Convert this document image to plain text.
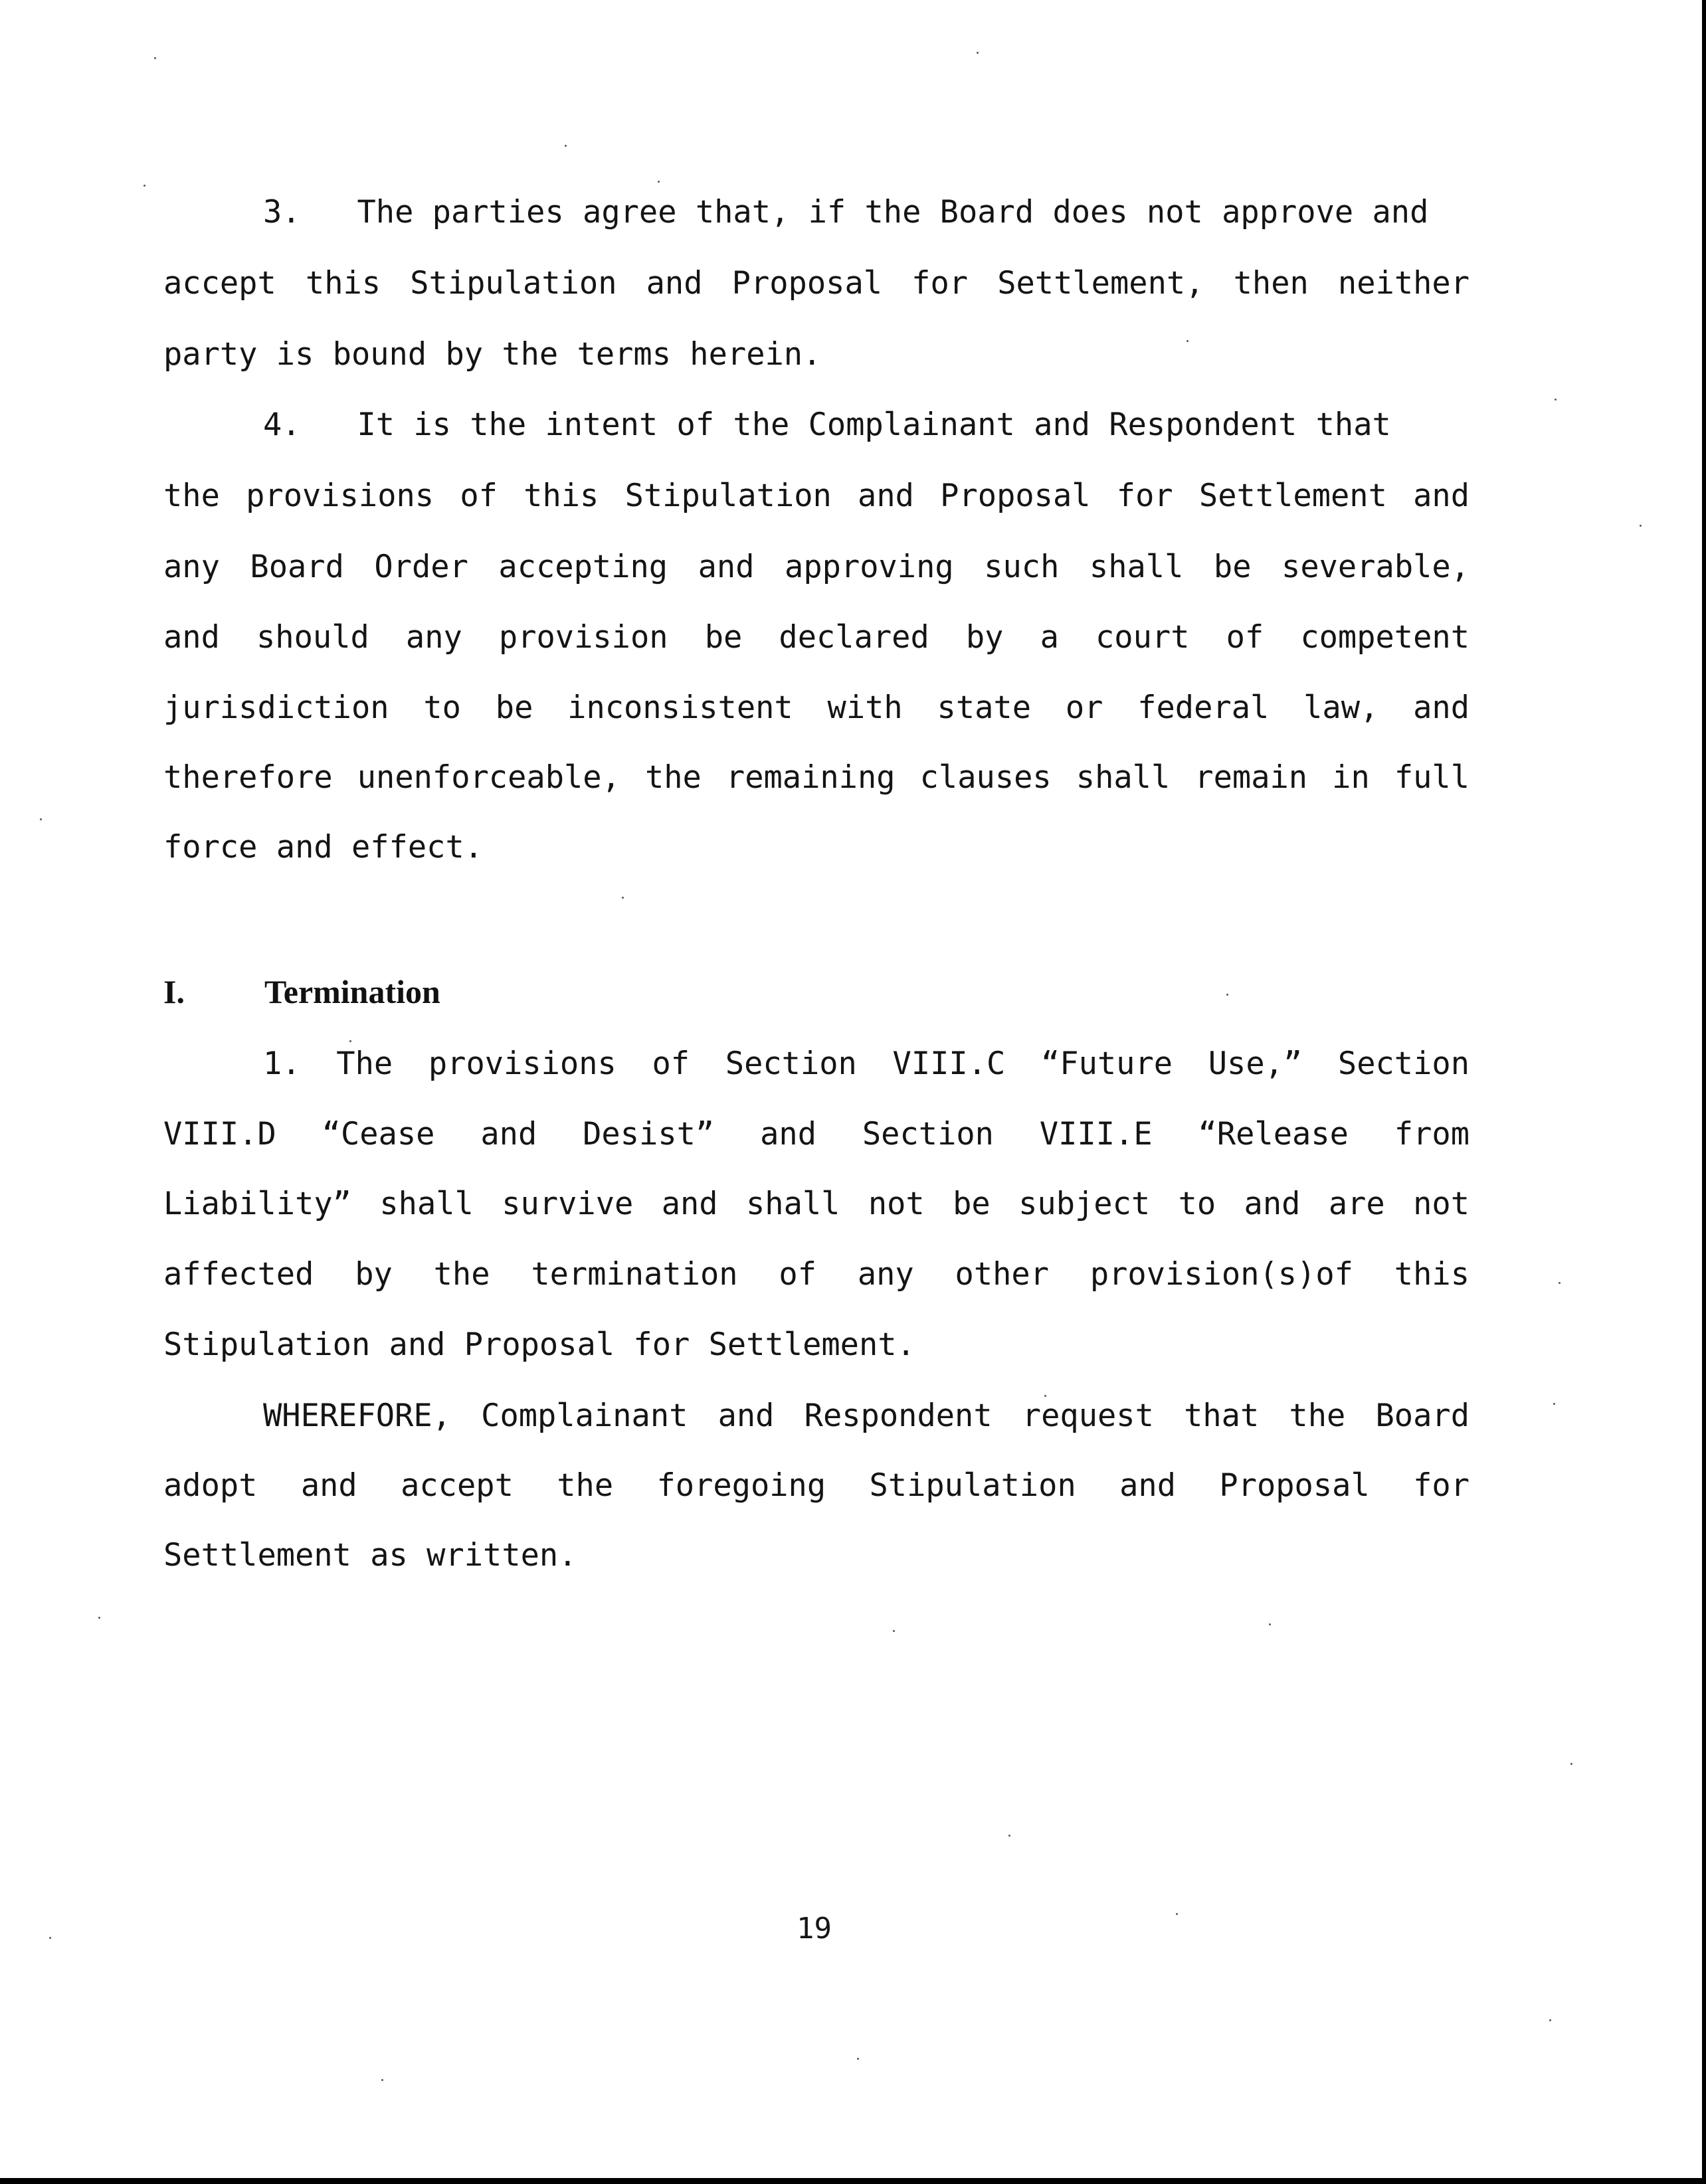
3.   The parties agree that, if the Board does not approve and

accept this Stipulation and Proposal for Settlement, then neither

party is bound by the terms herein.

4.   It is the intent of the Complainant and Respondent that

the provisions of this Stipulation and Proposal for Settlement and

any Board Order accepting and approving such shall be severable,

and should any provision be declared by a court of competent

jurisdiction to be inconsistent with state or federal law, and

therefore unenforceable, the remaining clauses shall remain in full

force and effect.

I. Termination

1. The provisions of Section VIII.C “Future Use,” Section

VIII.D “Cease and Desist” and Section VIII.E “Release from

Liability” shall survive and shall not be subject to and are not

affected by the termination of any other provision(s)of this

Stipulation and Proposal for Settlement.

WHEREFORE, Complainant and Respondent request that the Board

adopt and accept the foregoing Stipulation and Proposal for

Settlement as written.

19
